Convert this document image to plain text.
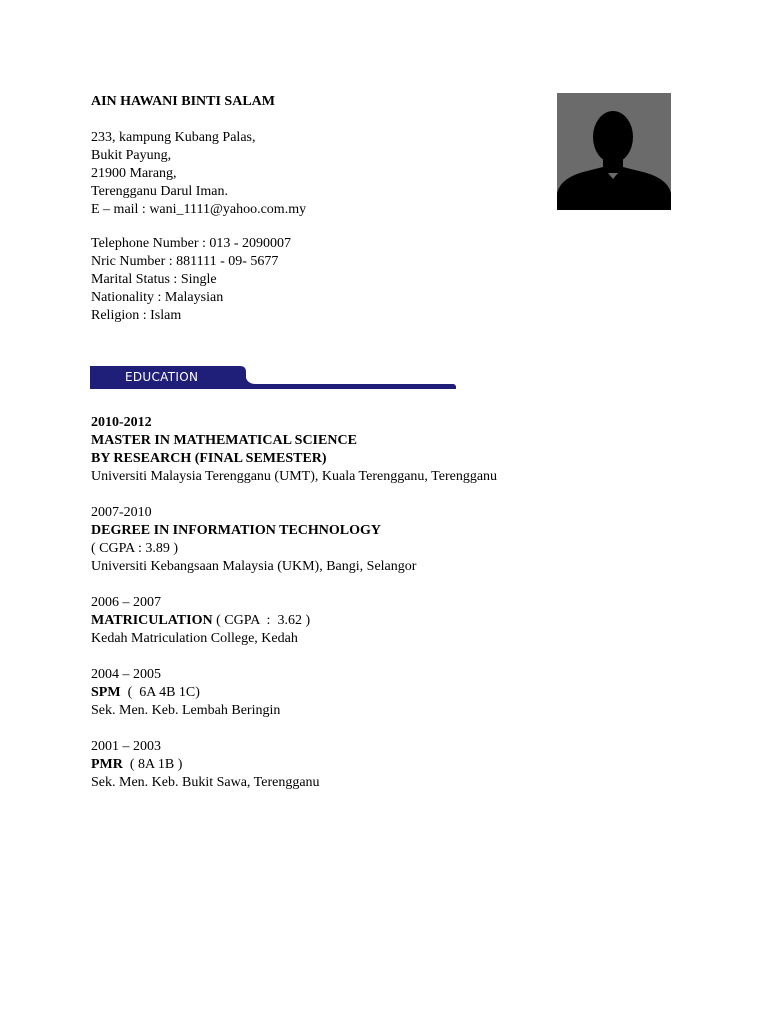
AIN HAWANI BINTI SALAM
233, kampung Kubang Palas,
Bukit Payung,
21900 Marang,
Terengganu Darul Iman.
E – mail : wani_1111@yahoo.com.my
Telephone Number : 013 - 2090007
Nric Number : 881111 - 09- 5677
Marital Status : Single
Nationality : Malaysian
Religion : Islam
EDUCATION
2010-2012
MASTER IN MATHEMATICAL SCIENCE
BY RESEARCH (FINAL SEMESTER)
Universiti Malaysia Terengganu (UMT), Kuala Terengganu, Terengganu
2007-2010
DEGREE IN INFORMATION TECHNOLOGY
( CGPA : 3.89 )
Universiti Kebangsaan Malaysia (UKM), Bangi, Selangor
2006 – 2007
MATRICULATION ( CGPA  :  3.62 )
Kedah Matriculation College, Kedah
2004 – 2005
SPM  (  6A 4B 1C)
Sek. Men. Keb. Lembah Beringin
2001 – 2003
PMR  ( 8A 1B )
Sek. Men. Keb. Bukit Sawa, Terengganu
